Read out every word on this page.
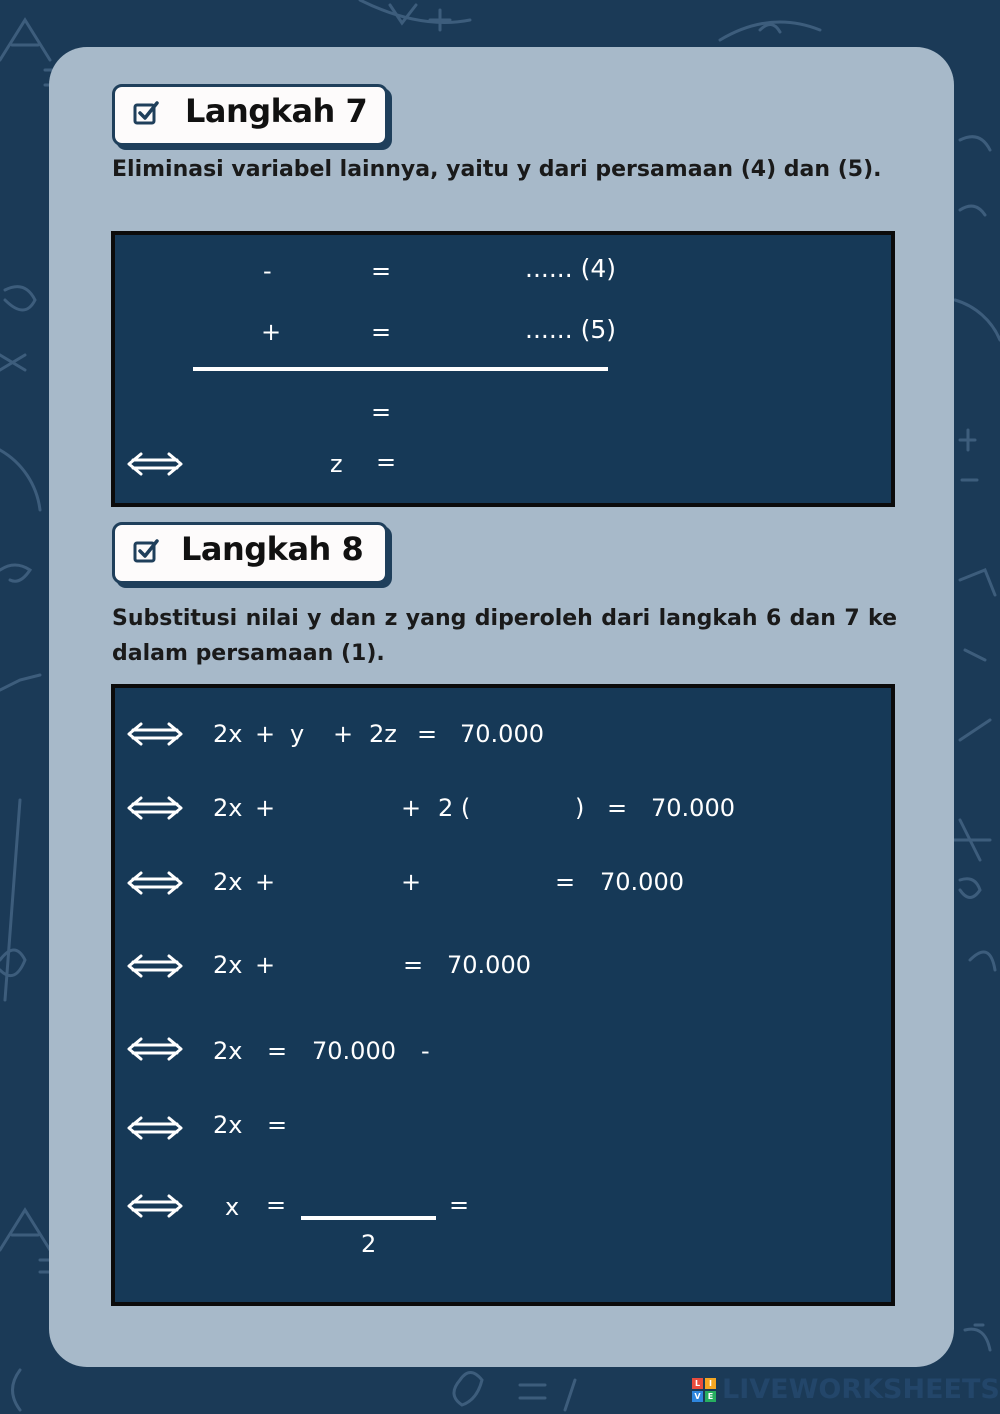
Langkah 7
Eliminasi variabel lainnya, yaitu y dari persamaan (4) dan (5).
-	=	...... (4)
+	=	...... (5)
=
z =
Langkah 8
Substitusi nilai y dan z yang diperoleh dari langkah 6 dan 7 ke dalam persamaan (1).
2x + y + 2z = 70.000
2x +	+ 2 (	) = 70.000
2x +	+	= 70.000
2x +	= 70.000
2x = 70.000 -
2x =
x =	=
2
L	I
V E LIVEWORKSHEETS
